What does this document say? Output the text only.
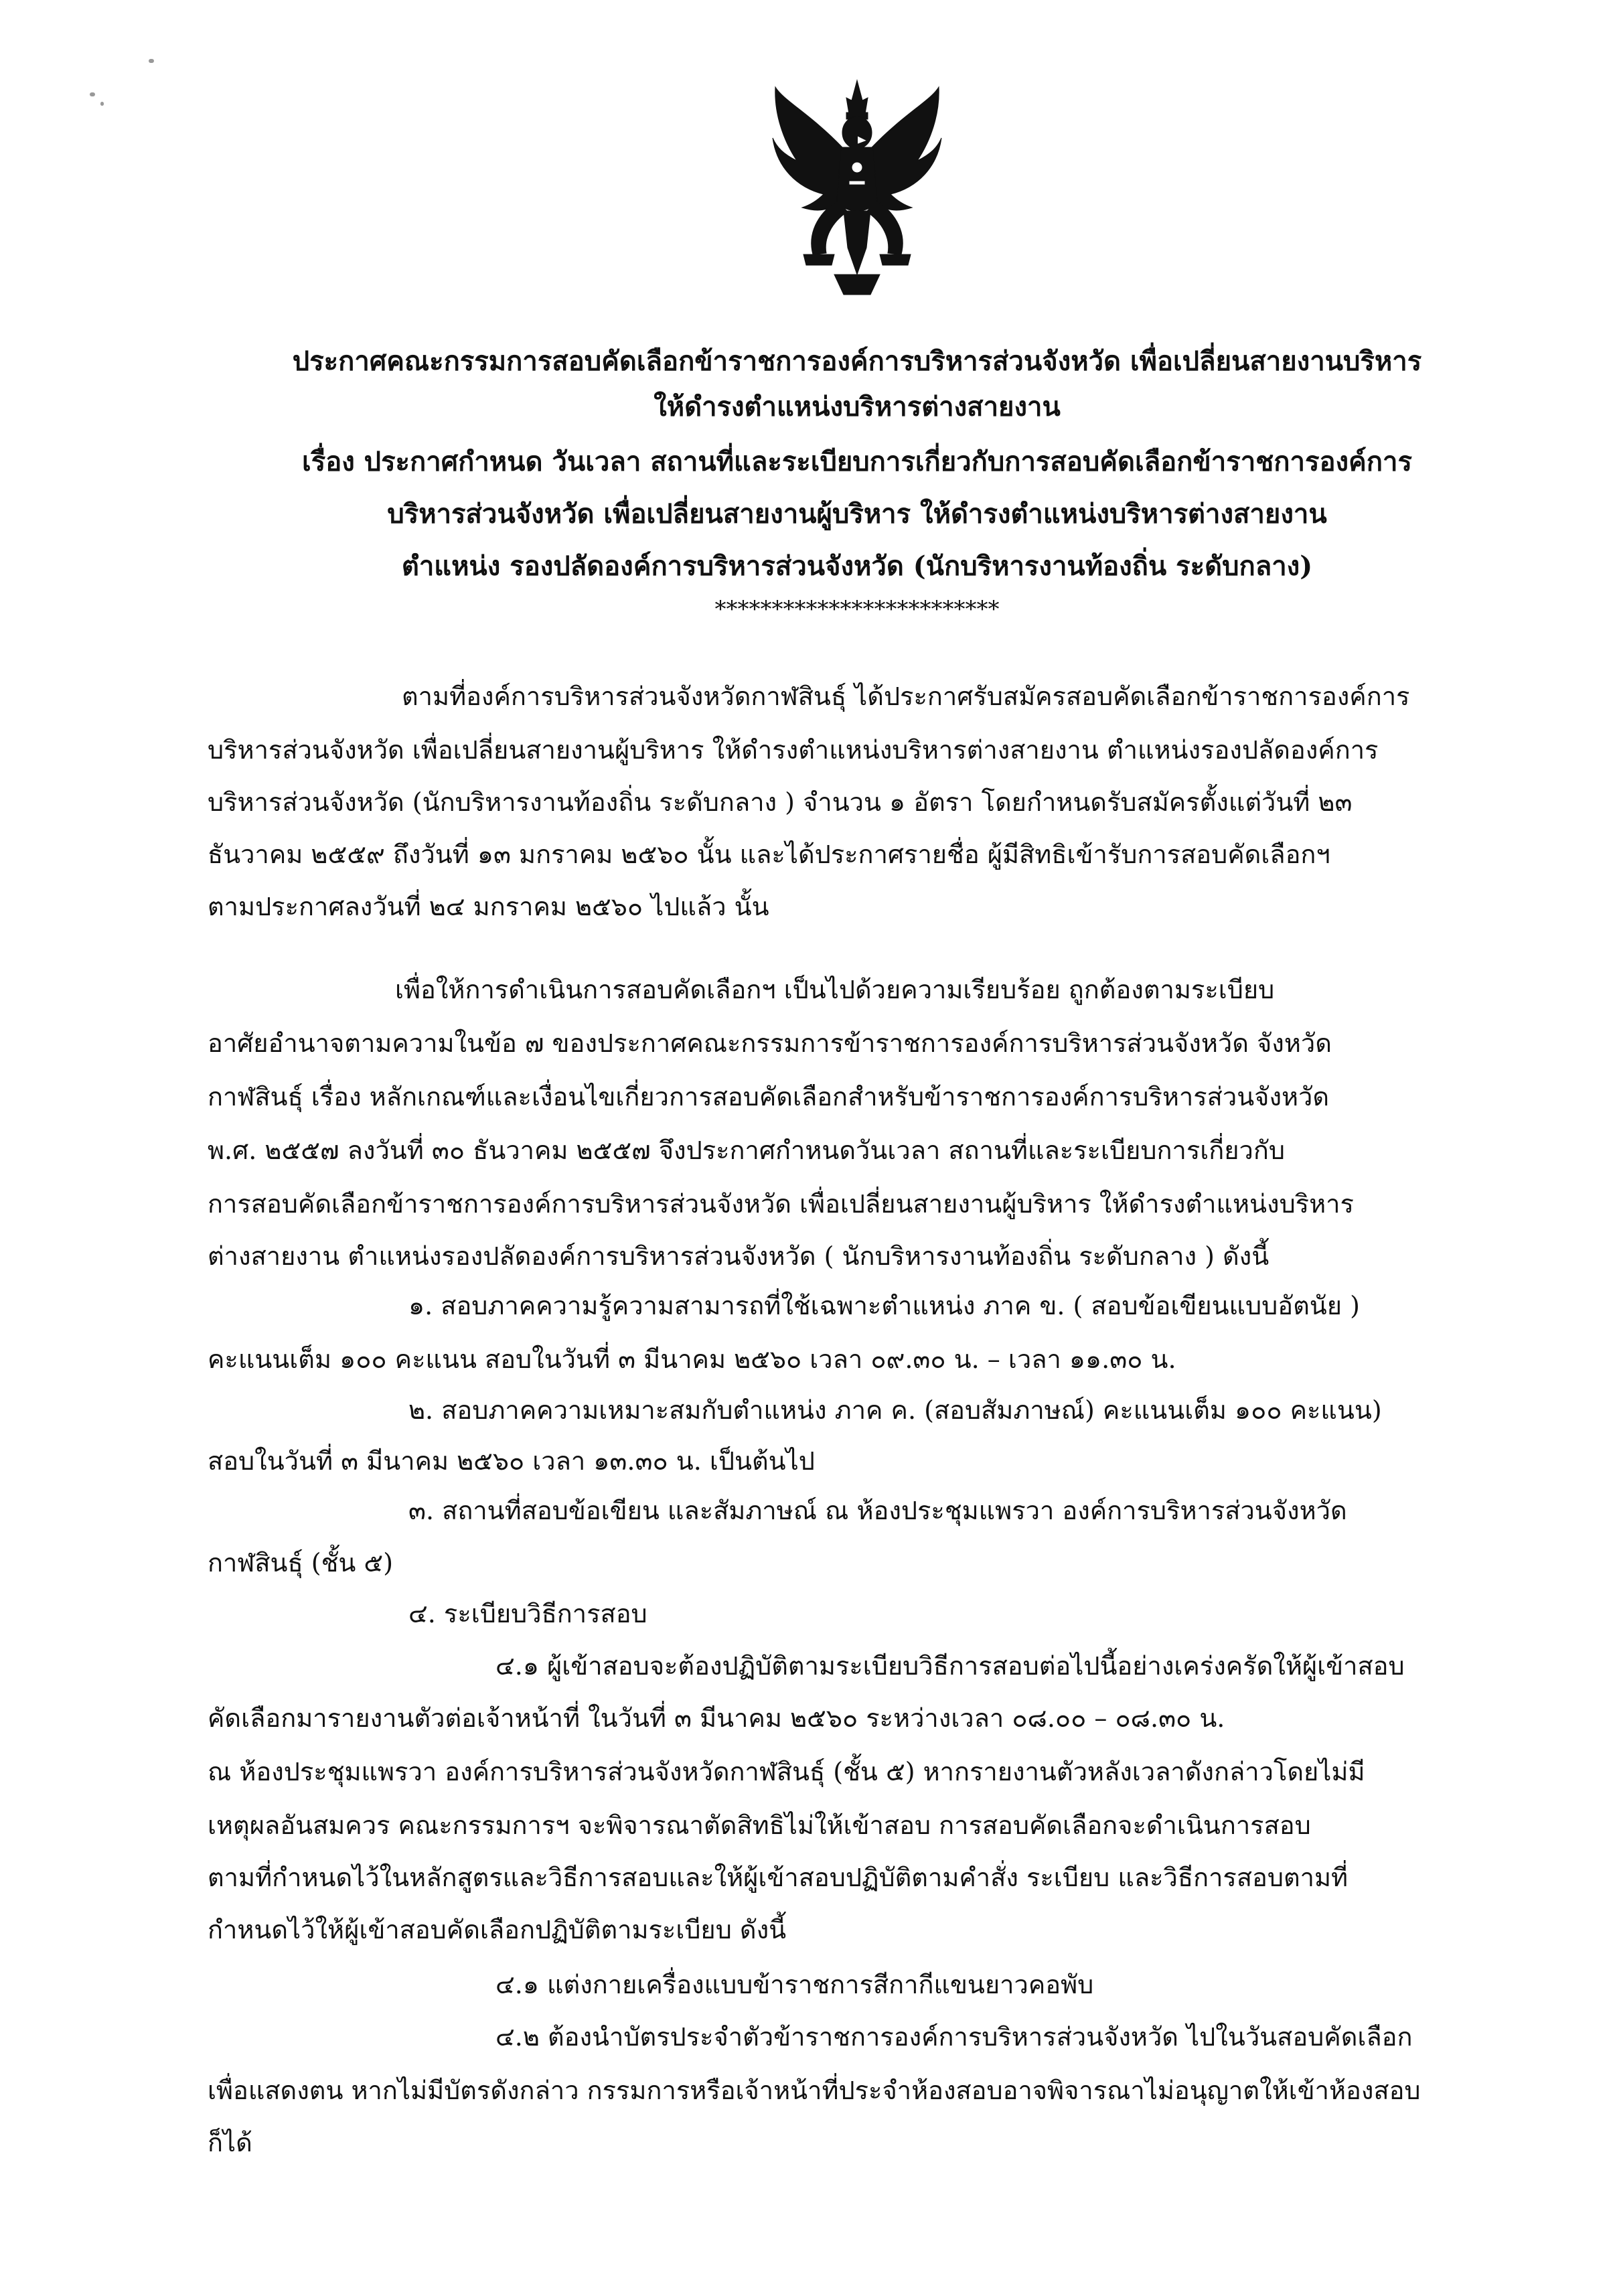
ประกาศคณะกรรมการสอบคัดเลือกข้าราชการองค์การบริหารส่วนจังหวัด เพื่อเปลี่ยนสายงานบริหาร
ให้ดำรงตำแหน่งบริหารต่างสายงาน
เรื่อง ประกาศกำหนด วันเวลา สถานที่และระเบียบการเกี่ยวกับการสอบคัดเลือกข้าราชการองค์การ
บริหารส่วนจังหวัด เพื่อเปลี่ยนสายงานผู้บริหาร ให้ดำรงตำแหน่งบริหารต่างสายงาน
ตำแหน่ง รองปลัดองค์การบริหารส่วนจังหวัด (นักบริหารงานท้องถิ่น ระดับกลาง)
*************************
ตามที่องค์การบริหารส่วนจังหวัดกาฬสินธุ์ ได้ประกาศรับสมัครสอบคัดเลือกข้าราชการองค์การ
บริหารส่วนจังหวัด เพื่อเปลี่ยนสายงานผู้บริหาร ให้ดำรงตำแหน่งบริหารต่างสายงาน ตำแหน่งรองปลัดองค์การ
บริหารส่วนจังหวัด (นักบริหารงานท้องถิ่น ระดับกลาง ) จำนวน ๑ อัตรา โดยกำหนดรับสมัครตั้งแต่วันที่ ๒๓
ธันวาคม ๒๕๕๙ ถึงวันที่ ๑๓ มกราคม ๒๕๖๐ นั้น และได้ประกาศรายชื่อ ผู้มีสิทธิเข้ารับการสอบคัดเลือกฯ
ตามประกาศลงวันที่ ๒๔ มกราคม ๒๕๖๐ ไปแล้ว นั้น
เพื่อให้การดำเนินการสอบคัดเลือกฯ เป็นไปด้วยความเรียบร้อย ถูกต้องตามระเบียบ
อาศัยอำนาจตามความในข้อ ๗ ของประกาศคณะกรรมการข้าราชการองค์การบริหารส่วนจังหวัด จังหวัด
กาฬสินธุ์ เรื่อง หลักเกณฑ์และเงื่อนไขเกี่ยวการสอบคัดเลือกสำหรับข้าราชการองค์การบริหารส่วนจังหวัด
พ.ศ. ๒๕๕๗ ลงวันที่ ๓๐ ธันวาคม ๒๕๕๗ จึงประกาศกำหนดวันเวลา สถานที่และระเบียบการเกี่ยวกับ
การสอบคัดเลือกข้าราชการองค์การบริหารส่วนจังหวัด เพื่อเปลี่ยนสายงานผู้บริหาร ให้ดำรงตำแหน่งบริหาร
ต่างสายงาน ตำแหน่งรองปลัดองค์การบริหารส่วนจังหวัด ( นักบริหารงานท้องถิ่น ระดับกลาง ) ดังนี้
๑. สอบภาคความรู้ความสามารถที่ใช้เฉพาะตำแหน่ง ภาค ข. ( สอบข้อเขียนแบบอัตนัย )
คะแนนเต็ม ๑๐๐ คะแนน สอบในวันที่ ๓ มีนาคม ๒๕๖๐ เวลา ๐๙.๓๐ น. – เวลา ๑๑.๓๐ น.
๒. สอบภาคความเหมาะสมกับตำแหน่ง ภาค ค. (สอบสัมภาษณ์) คะแนนเต็ม ๑๐๐ คะแนน)
สอบในวันที่ ๓ มีนาคม ๒๕๖๐ เวลา ๑๓.๓๐ น. เป็นต้นไป
๓. สถานที่สอบข้อเขียน และสัมภาษณ์ ณ ห้องประชุมแพรวา องค์การบริหารส่วนจังหวัด
กาฬสินธุ์ (ชั้น ๕)
๔. ระเบียบวิธีการสอบ
๔.๑ ผู้เข้าสอบจะต้องปฏิบัติตามระเบียบวิธีการสอบต่อไปนี้อย่างเคร่งครัดให้ผู้เข้าสอบ
คัดเลือกมารายงานตัวต่อเจ้าหน้าที่ ในวันที่ ๓ มีนาคม ๒๕๖๐ ระหว่างเวลา ๐๘.๐๐ – ๐๘.๓๐ น.
ณ ห้องประชุมแพรวา องค์การบริหารส่วนจังหวัดกาฬสินธุ์ (ชั้น ๕) หากรายงานตัวหลังเวลาดังกล่าวโดยไม่มี
เหตุผลอันสมควร คณะกรรมการฯ จะพิจารณาตัดสิทธิไม่ให้เข้าสอบ การสอบคัดเลือกจะดำเนินการสอบ
ตามที่กำหนดไว้ในหลักสูตรและวิธีการสอบและให้ผู้เข้าสอบปฏิบัติตามคำสั่ง ระเบียบ และวิธีการสอบตามที่
กำหนดไว้ให้ผู้เข้าสอบคัดเลือกปฏิบัติตามระเบียบ ดังนี้
๔.๑ แต่งกายเครื่องแบบข้าราชการสีกากีแขนยาวคอพับ
๔.๒ ต้องนำบัตรประจำตัวข้าราชการองค์การบริหารส่วนจังหวัด ไปในวันสอบคัดเลือก
เพื่อแสดงตน หากไม่มีบัตรดังกล่าว กรรมการหรือเจ้าหน้าที่ประจำห้องสอบอาจพิจารณาไม่อนุญาตให้เข้าห้องสอบ
ก็ได้
